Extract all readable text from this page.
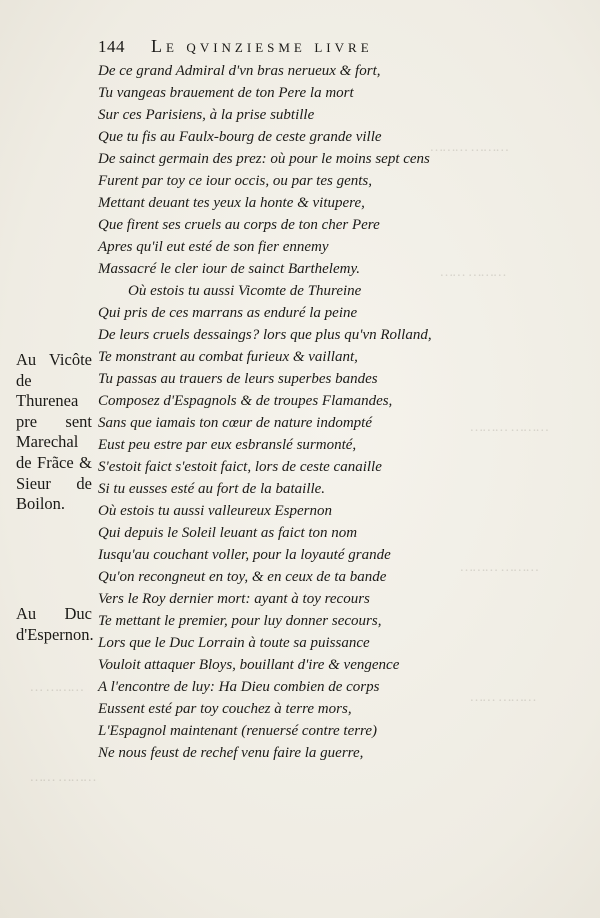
……… ………
……… ……
……… ………
……… ………
……… ……
……… …
……… ……
144 Le qvinziesme livre
De ce grand Admiral d'vn bras nerueux & fort,
Tu vangeas brauement de ton Pere la mort
Sur ces Parisiens, à la prise subtille
Que tu fis au Faulx-bourg de ceste grande ville
De sainct germain des prez: où pour le moins sept cens
Furent par toy ce iour occis, ou par tes gents,
Mettant deuant tes yeux la honte & vitupere,
Que firent ses cruels au corps de ton cher Pere
Apres qu'il eut esté de son fier ennemy
Massacré le cler iour de sainct Barthelemy.
Où estois tu aussi Vicomte de Thureine
Qui pris de ces marrans as enduré la peine
De leurs cruels dessaings? lors que plus qu'vn Rolland,
Te monstrant au combat furieux & vaillant,
Tu passas au trauers de leurs superbes bandes
Composez d'Espagnols & de troupes Flamandes,
Sans que iamais ton cœur de nature indompté
Eust peu estre par eux esbranslé surmonté,
S'estoit faict s'estoit faict, lors de ceste canaille
Si tu eusses esté au fort de la bataille.
Où estois tu aussi valleureux Espernon
Qui depuis le Soleil leuant as faict ton nom
Iusqu'au couchant voller, pour la loyauté grande
Qu'on recongneut en toy, & en ceux de ta bande
Vers le Roy dernier mort: ayant à toy recours
Te mettant le premier, pour luy donner secours,
Lors que le Duc Lorrain à toute sa puissance
Vouloit attaquer Bloys, bouillant d'ire & vengence
A l'encontre de luy: Ha Dieu combien de corps
Eussent esté par toy couchez à terre mors,
L'Espagnol maintenant (renuersé contre terre)
Ne nous feust de rechef venu faire la guerre,
Au Vicôte de Thurenea pre sent Marechal de Frãce & Sieur de Boilon.
Au Duc d'Espernon.
